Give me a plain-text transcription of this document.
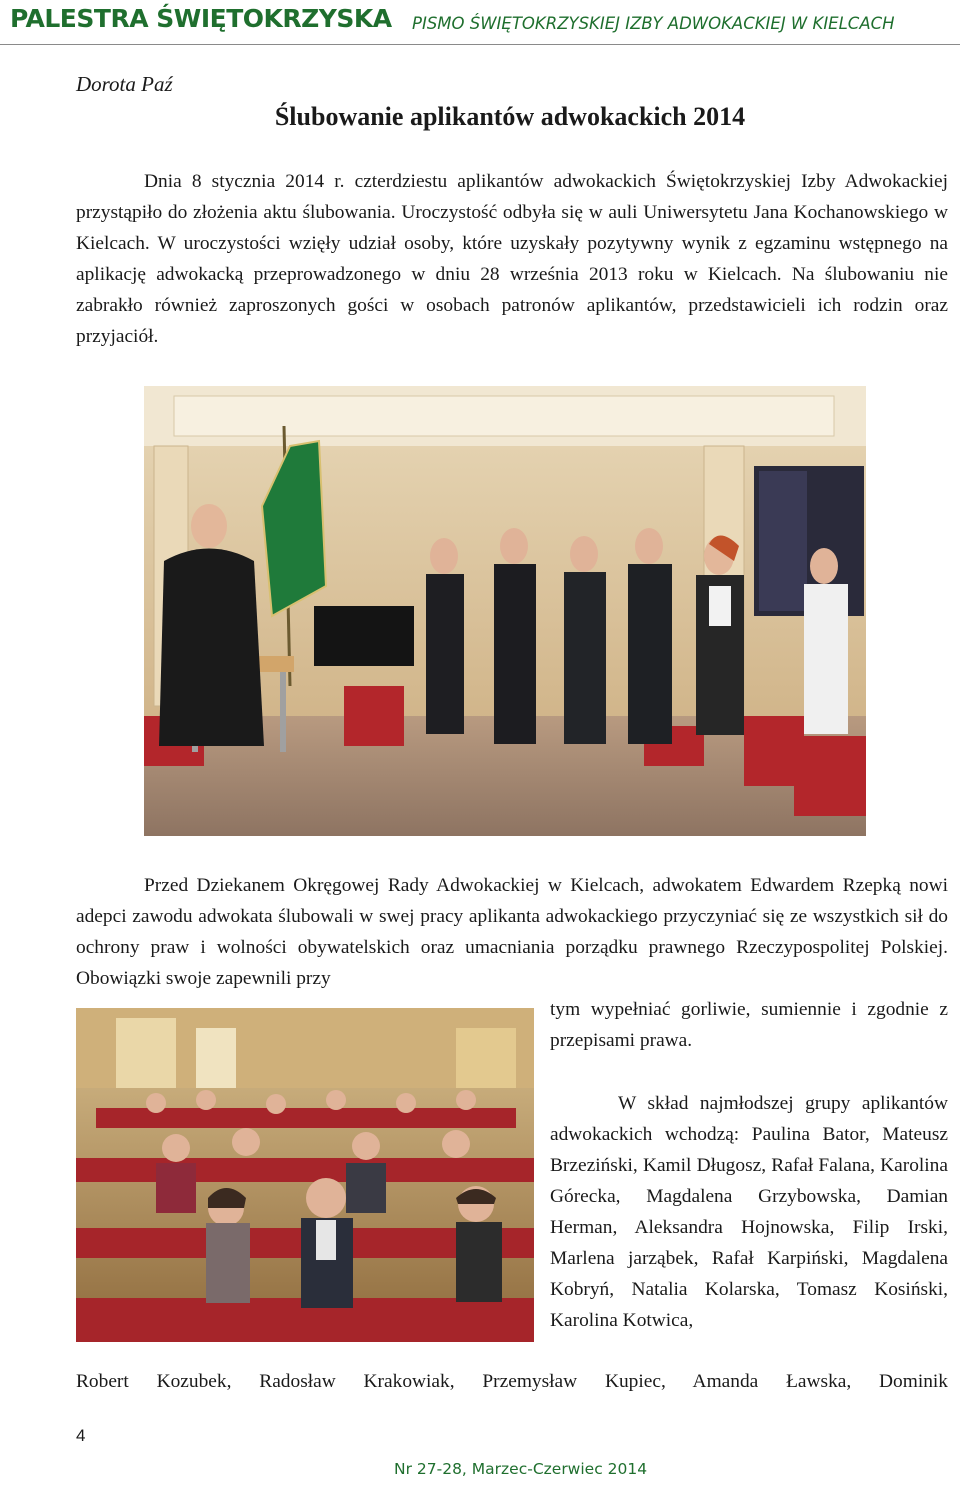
PALESTRA ŚWIĘTOKRZYSKA PISMO ŚWIĘTOKRZYSKIEJ IZBY ADWOKACKIEJ W KIELCACH
Dorota Paź
Ślubowanie aplikantów adwokackich 2014

Dnia 8 stycznia 2014 r. czterdziestu aplikantów adwokackich Świętokrzyskiej Izby Adwokackiej przystąpiło do złożenia aktu ślubowania. Uroczystość odbyła się w auli Uniwersytetu Jana Kochanowskiego w Kielcach. W uroczystości wzięły udział osoby, które uzyskały pozytywny wynik z egzaminu wstępnego na aplikację adwokacką przeprowadzonego w dniu 28 września 2013 roku w Kielcach. Na ślubowaniu nie zabrakło również zaproszonych gości w osobach patronów aplikantów, przedstawicieli ich rodzin oraz przyjaciół.

Przed Dziekanem Okręgowej Rady Adwokackiej w Kielcach, adwokatem Edwardem Rzepką nowi adepci zawodu adwokata ślubowali w swej pracy aplikanta adwokackiego przyczyniać się ze wszystkich sił do ochrony praw i wolności obywatelskich oraz umacniania porządku prawnego Rzeczypospolitej Polskiej. Obowiązki swoje zapewnili przy

tym wypełniać gorliwie, sumiennie i zgodnie z przepisami prawa.

W skład najmłodszej grupy aplikantów adwokackich wchodzą: Paulina Bator, Mateusz Brzeziński, Kamil Długosz, Rafał Falana, Karolina Górecka, Magdalena Grzybowska, Damian Herman, Aleksandra Hojnowska, Filip Irski, Marlena jarząbek, Rafał Karpiński, Magdalena Kobryń, Natalia Kolarska, Tomasz Kosiński, Karolina Kotwica,

Robert Kozubek, Radosław Krakowiak, Przemysław Kupiec, Amanda Ławska, Dominik

4
Nr 27-28, Marzec-Czerwiec 2014
